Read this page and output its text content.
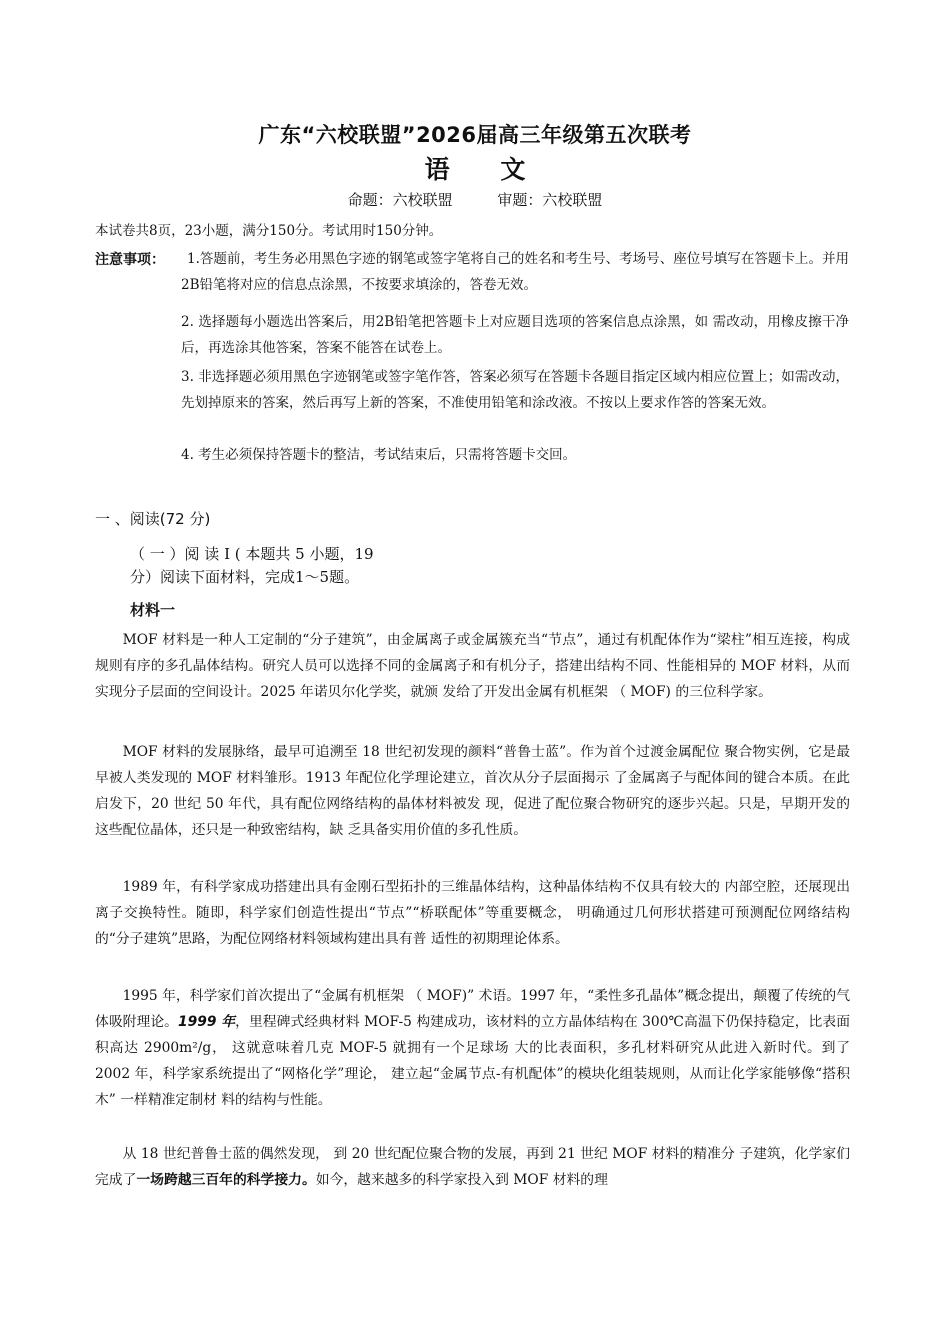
广东“六校联盟”2026届高三年级第五次联考
语 文
命题：六校联盟	审题：六校联盟
本试卷共8页，23小题，满分150分。考试用时150分钟。
注意事项：	1.答题前，考生务必用黑色字迹的钢笔或签字笔将自己的姓名和考生号、考场号、座位号填写在答题卡上。并用2B铅笔将对应的信息点涂黑，不按要求填涂的，答卷无效。
2. 选择题每小题选出答案后，用2B铅笔把答题卡上对应题目选项的答案信息点涂黑，如 需改动，用橡皮擦干净后，再选涂其他答案，答案不能答在试卷上。
3. 非选择题必须用黑色字迹钢笔或签字笔作答，答案必须写在答题卡各题目指定区域内相应位置上；如需改动，先划掉原来的答案，然后再写上新的答案，不准使用铅笔和涂改液。不按以上要求作答的答案无效。
4. 考生必须保持答题卡的整洁，考试结束后，只需将答题卡交回。
一 、阅读(72 分)
（ 一 ）阅 读 I ( 本题共 5 小题，19
分）阅读下面材料，完成1～5题。
材料一
MOF 材料是一种人工定制的“分子建筑”，由金属离子或金属簇充当“节点”，通过有机配体作为“梁柱”相互连接，构成规则有序的多孔晶体结构。研究人员可以选择不同的金属离子和有机分子，搭建出结构不同、性能相异的 MOF 材料，从而实现分子层面的空间设计。2025 年诺贝尔化学奖，就颁 发给了开发出金属有机框架 （ MOF) 的三位科学家。
MOF 材料的发展脉络，最早可追溯至 18 世纪初发现的颜料“普鲁士蓝”。作为首个过渡金属配位 聚合物实例，它是最早被人类发现的 MOF 材料雏形。1913 年配位化学理论建立，首次从分子层面揭示 了金属离子与配体间的键合本质。在此启发下，20 世纪 50 年代，具有配位网络结构的晶体材料被发 现，促进了配位聚合物研究的逐步兴起。只是，早期开发的这些配位晶体，还只是一种致密结构，缺 乏具备实用价值的多孔性质。
1989 年，有科学家成功搭建出具有金刚石型拓扑的三维晶体结构，这种晶体结构不仅具有较大的 内部空腔，还展现出离子交换特性。随即，科学家们创造性提出“节点”“桥联配体”等重要概念， 明确通过几何形状搭建可预测配位网络结构的“分子建筑”思路，为配位网络材料领域构建出具有普 适性的初期理论体系。
1995 年，科学家们首次提出了“金属有机框架 （ MOF)” 术语。1997 年，“柔性多孔晶体”概念提出，颠覆了传统的气体吸附理论。1999 年，里程碑式经典材料 MOF-5 构建成功，该材料的立方晶体结构在 300℃高温下仍保持稳定，比表面积高达 2900m²/g， 这就意味着几克 MOF-5 就拥有一个足球场 大的比表面积，多孔材料研究从此进入新时代。到了 2002 年，科学家系统提出了“网格化学”理论， 建立起“金属节点-有机配体”的模块化组装规则，从而让化学家能够像“搭积木” 一样精准定制材 料的结构与性能。
从 18 世纪普鲁士蓝的偶然发现， 到 20 世纪配位聚合物的发展，再到 21 世纪 MOF 材料的精准分 子建筑，化学家们完成了一场跨越三百年的科学接力。如今，越来越多的科学家投入到 MOF 材料的理
